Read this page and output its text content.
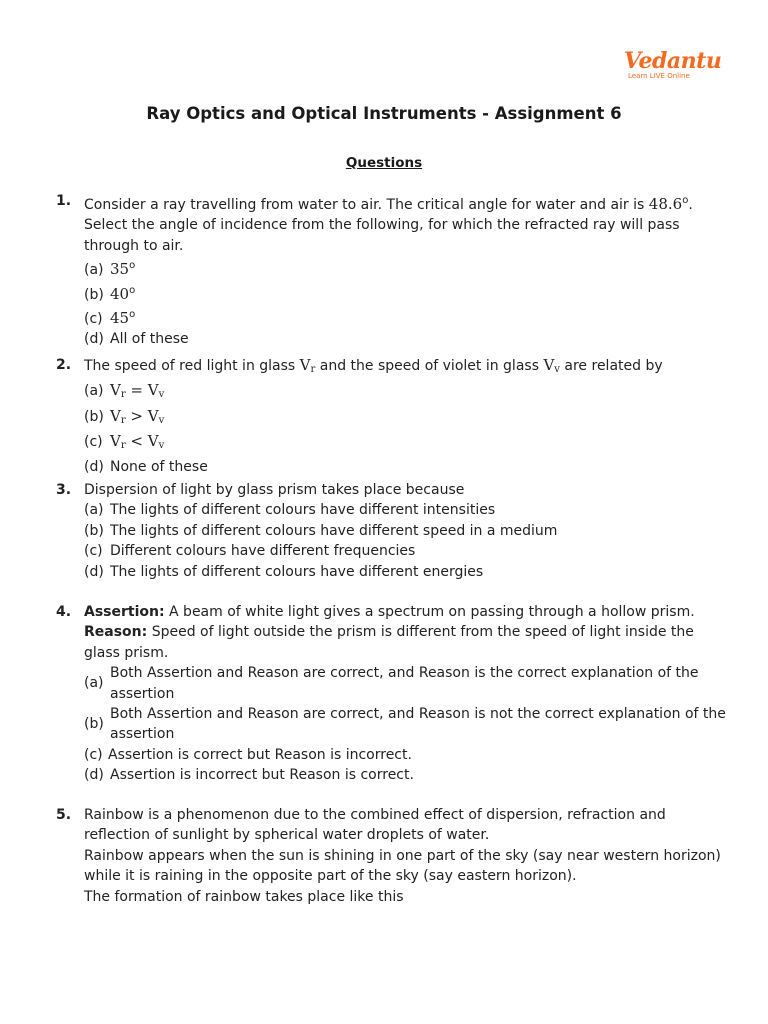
Vedantu
Learn LIVE Online
Ray Optics and Optical Instruments - Assignment 6
Questions
1. Consider a ray travelling from water to air. The critical angle for water and air is 48.6$^o$. Select the angle of incidence from the following, for which the refracted ray will pass through to air.
(a) 35$^o$
(b) 40$^o$
(c) 45$^o$
(d) All of these
2. The speed of red light in glass $V_r$ and the speed of violet in glass $V_v$ are related by
(a) $V_r = V_v$
(b) $V_r > V_v$
(c) $V_r < V_v$
(d) None of these
3. Dispersion of light by glass prism takes place because
(a) The lights of different colours have different intensities
(b) The lights of different colours have different speed in a medium
(c) Different colours have different frequencies
(d) The lights of different colours have different energies
4. Assertion: A beam of white light gives a spectrum on passing through a hollow prism.
Reason: Speed of light outside the prism is different from the speed of light inside the glass prism.
(a)
Both Assertion and Reason are correct, and Reason is the correct explanation of the assertion
(b)
Both Assertion and Reason are correct, and Reason is not the correct explanation of the assertion
(c) Assertion is correct but Reason is incorrect.
(d) Assertion is incorrect but Reason is correct.
5. Rainbow is a phenomenon due to the combined effect of dispersion, refraction and reflection of sunlight by spherical water droplets of water.
Rainbow appears when the sun is shining in one part of the sky (say near western horizon) while it is raining in the opposite part of the sky (say eastern horizon).
The formation of rainbow takes place like this
